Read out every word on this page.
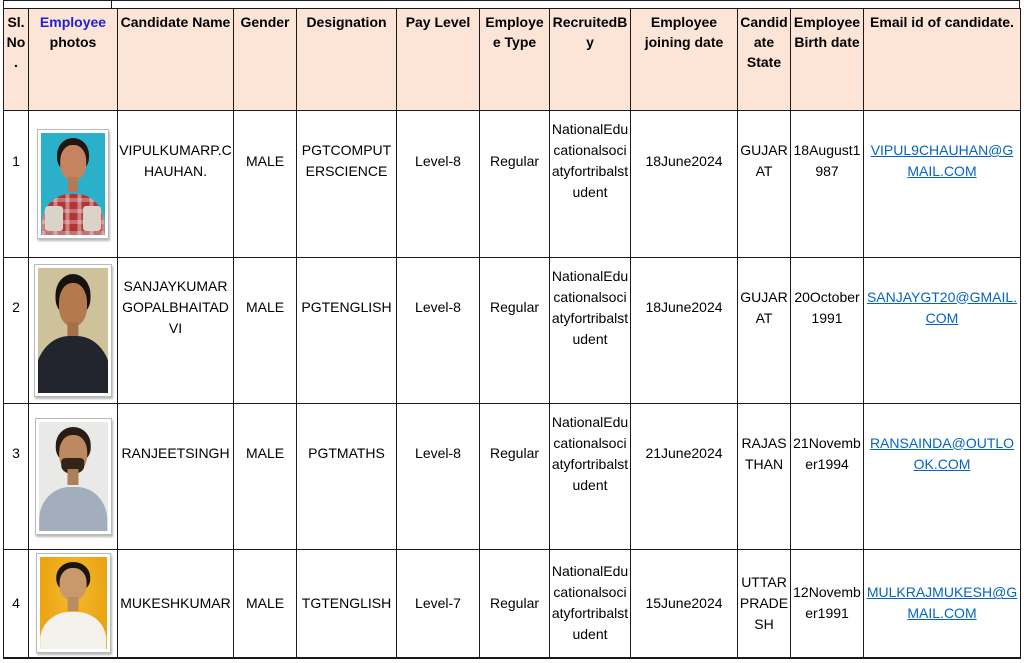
Sl. No.	Employee photos	Candidate Name	Gender	Designation	Pay Level	Employee Type	RecruitedBy	Employee joining date	Candidate State	Employee Birth date	Email id of candidate.
1		VIPULKUMARP.CHAUHAN.	MALE	PGTCOMPUTERSCIENCE	Level-8	Regular	NationalEducationalsociatyfortribalstudent	18June2024	GUJARAT	18August1987	VIPUL9CHAUHAN@GMAIL.COM
2		SANJAYKUMARGOPALBHAITADVI	MALE	PGTENGLISH	Level-8	Regular	NationalEducationalsociatyfortribalstudent	18June2024	GUJARAT	20October1991	SANJAYGT20@GMAIL.COM
3		RANJEETSINGH	MALE	PGTMATHS	Level-8	Regular	NationalEducationalsociatyfortribalstudent	21June2024	RAJASTHAN	21November1994	RANSAINDA@OUTLOOK.COM
4		MUKESHKUMAR	MALE	TGTENGLISH	Level-7	Regular	NationalEducationalsociatyfortribalstudent	15June2024	UTTARPRADESH	12November1991	MULKRAJMUKESH@GMAIL.COM
